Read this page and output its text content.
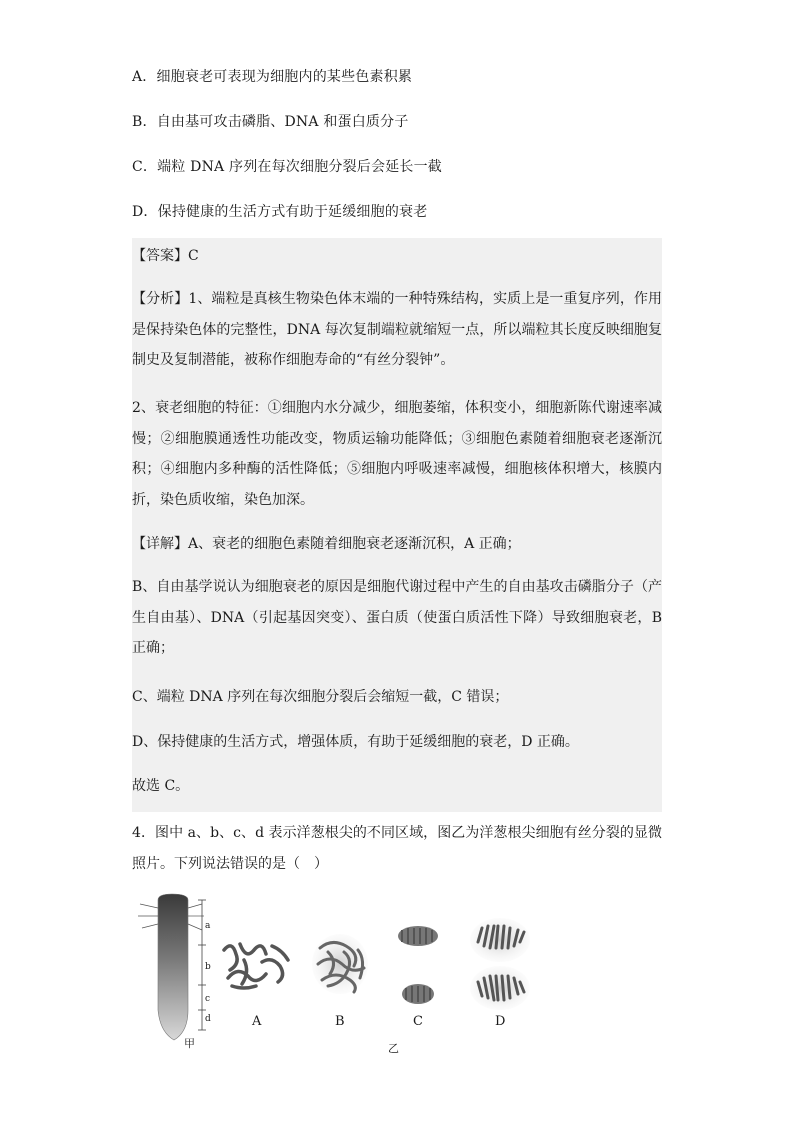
A．细胞衰老可表现为细胞内的某些色素积累
B．自由基可攻击磷脂、DNA 和蛋白质分子
C．端粒 DNA 序列在每次细胞分裂后会延长一截
D．保持健康的生活方式有助于延缓细胞的衰老
【答案】C
【分析】1、端粒是真核生物染色体末端的一种特殊结构，实质上是一重复序列，作用是保持染色体的完整性，DNA 每次复制端粒就缩短一点，所以端粒其长度反映细胞复制史及复制潜能，被称作细胞寿命的“有丝分裂钟”。
2、衰老细胞的特征：①细胞内水分减少，细胞萎缩，体积变小，细胞新陈代谢速率减慢；②细胞膜通透性功能改变，物质运输功能降低；③细胞色素随着细胞衰老逐渐沉积；④细胞内多种酶的活性降低；⑤细胞内呼吸速率减慢，细胞核体积增大，核膜内折，染色质收缩，染色加深。
【详解】A、衰老的细胞色素随着细胞衰老逐渐沉积，A 正确；
B、自由基学说认为细胞衰老的原因是细胞代谢过程中产生的自由基攻击磷脂分子（产生自由基）、DNA（引起基因突变）、蛋白质（使蛋白质活性下降）导致细胞衰老，B 正确；
C、端粒 DNA 序列在每次细胞分裂后会缩短一截，C 错误；
D、保持健康的生活方式，增强体质，有助于延缓细胞的衰老，D 正确。
故选 C。
4．图中 a、b、c、d 表示洋葱根尖的不同区域，图乙为洋葱根尖细胞有丝分裂的显微照片。下列说法错误的是（　）
a
b
c
d
甲	乙
A	B	C	D
